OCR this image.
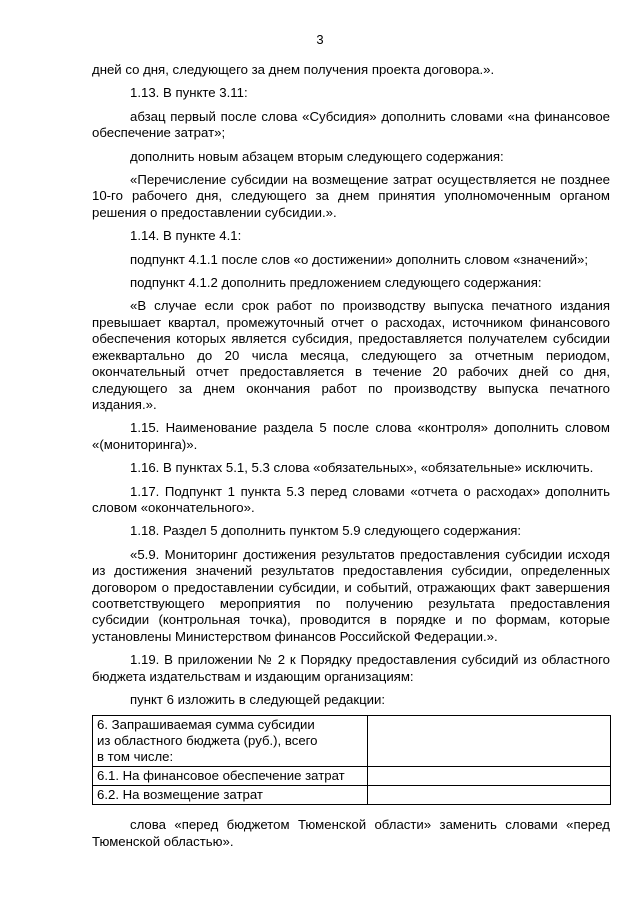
3

дней со дня, следующего за днем получения проекта договора.».

1.13. В пункте 3.11:

абзац первый после слова «Субсидия» дополнить словами «на финансовое обеспечение затрат»;

дополнить новым абзацем вторым следующего содержания:

«Перечисление субсидии на возмещение затрат осуществляется не позднее 10-го рабочего дня, следующего за днем принятия уполномоченным органом решения о предоставлении субсидии.».

1.14. В пункте 4.1:

подпункт 4.1.1 после слов «о достижении» дополнить словом «значений»;

подпункт 4.1.2 дополнить предложением следующего содержания:

«В случае если срок работ по производству выпуска печатного издания превышает квартал, промежуточный отчет о расходах, источником финансового обеспечения которых является субсидия, предоставляется получателем субсидии ежеквартально до 20 числа месяца, следующего за отчетным периодом, окончательный отчет предоставляется в течение 20 рабочих дней со дня, следующего за днем окончания работ по производству выпуска печатного издания.».

1.15. Наименование раздела 5 после слова «контроля» дополнить словом «(мониторинга)».

1.16. В пунктах 5.1, 5.3 слова «обязательных», «обязательные» исключить.

1.17. Подпункт 1 пункта 5.3 перед словами «отчета о расходах» дополнить словом «окончательного».

1.18. Раздел 5 дополнить пунктом 5.9 следующего содержания:

«5.9. Мониторинг достижения результатов предоставления субсидии исходя из достижения значений результатов предоставления субсидии, определенных договором о предоставлении субсидии, и событий, отражающих факт завершения соответствующего мероприятия по получению результата предоставления субсидии (контрольная точка), проводится в порядке и по формам, которые установлены Министерством финансов Российской Федерации.».

1.19. В приложении № 2 к Порядку предоставления субсидий из областного бюджета издательствам и издающим организациям:

пункт 6 изложить в следующей редакции:

6. Запрашиваемая сумма субсидии из областного бюджета (руб.), всего в том числе:	
6.1. На финансовое обеспечение затрат	
6.2. На возмещение затрат	

слова «перед бюджетом Тюменской области» заменить словами «перед Тюменской областью».
